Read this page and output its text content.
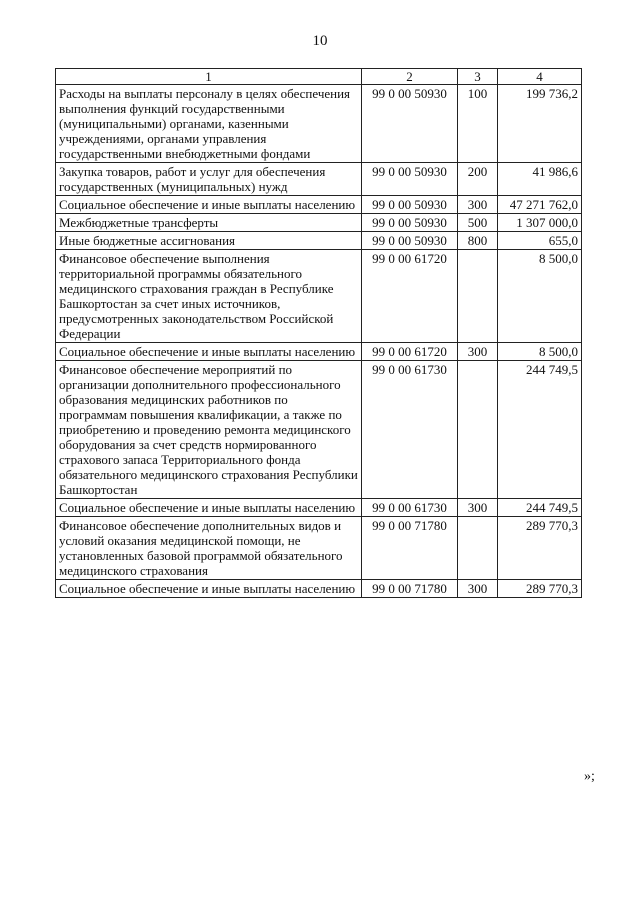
10
1	2	3	4
Расходы на выплаты персоналу в целях обеспечения выполнения функций государственными (муниципальными) органами, казенными учреждениями, органами управления государственными внебюджетными фондами	99 0 00 50930	100	199 736,2
Закупка товаров, работ и услуг для обеспечения государственных (муниципальных) нужд	99 0 00 50930	200	41 986,6
Социальное обеспечение и иные выплаты населению	99 0 00 50930	300	47 271 762,0
Межбюджетные трансферты	99 0 00 50930	500	1 307 000,0
Иные бюджетные ассигнования	99 0 00 50930	800	655,0
Финансовое обеспечение выполнения территориальной программы обязательного медицинского страхования граждан в Республике Башкортостан за счет иных источников, предусмотренных законодательством Российской Федерации	99 0 00 61720		8 500,0
Социальное обеспечение и иные выплаты населению	99 0 00 61720	300	8 500,0
Финансовое обеспечение мероприятий по организации дополнительного профессионального образования медицинских работников по программам повышения квалификации, а также по приобретению и проведению ремонта медицинского оборудования за счет средств нормированного страхового запаса Территориального фонда обязательного медицинского страхования Республики Башкортостан	99 0 00 61730		244 749,5
Социальное обеспечение и иные выплаты населению	99 0 00 61730	300	244 749,5
Финансовое обеспечение дополнительных видов и условий оказания медицинской помощи, не установленных базовой программой обязательного медицинского страхования	99 0 00 71780		289 770,3
Социальное обеспечение и иные выплаты населению	99 0 00 71780	300	289 770,3
»;
